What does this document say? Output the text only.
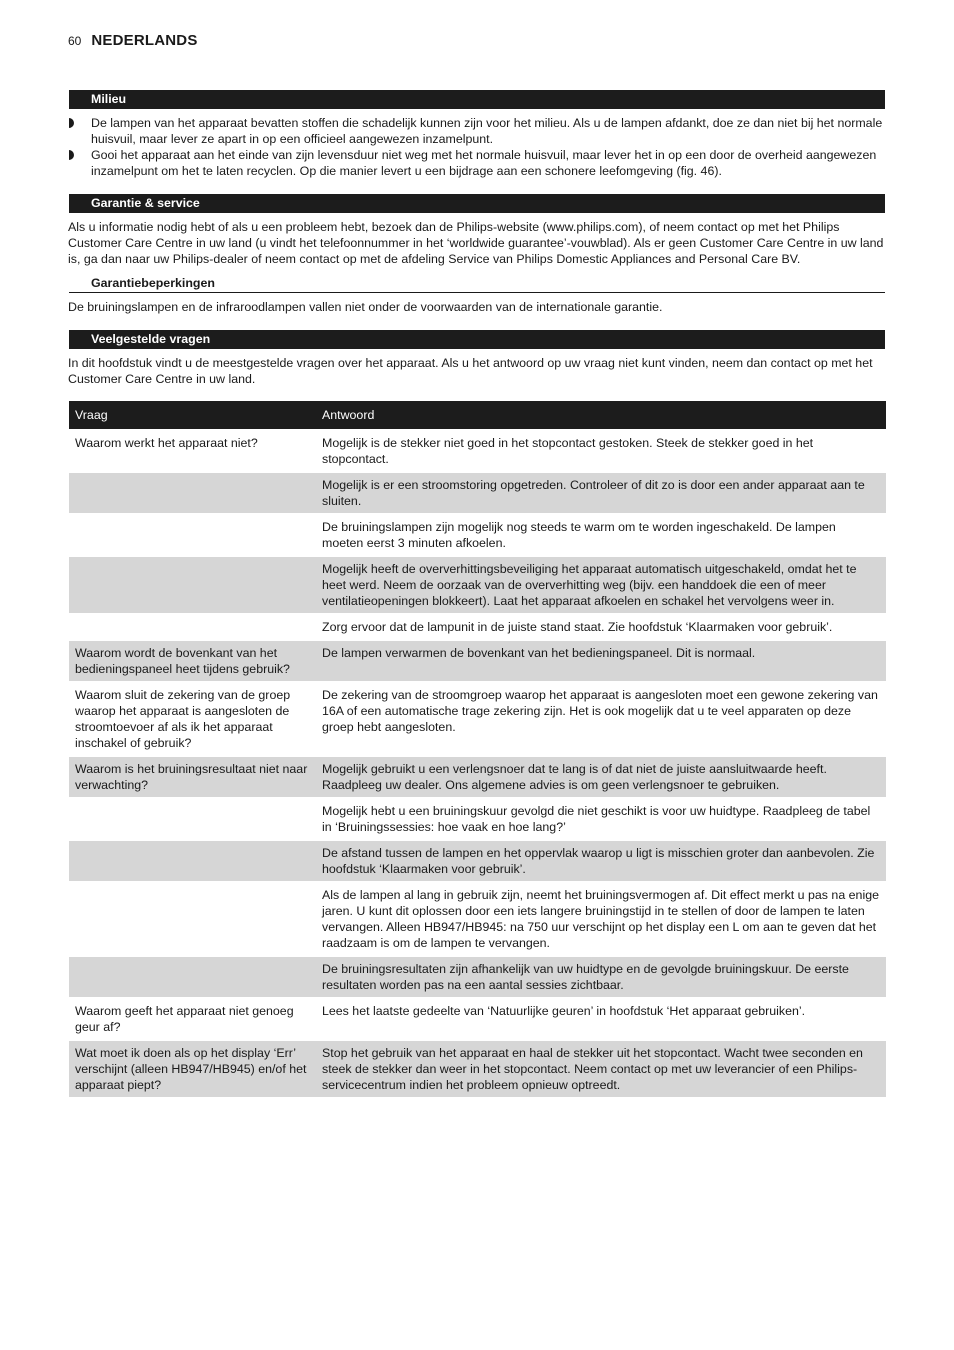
60 NEDERLANDS
Milieu
De lampen van het apparaat bevatten stoffen die schadelijk kunnen zijn voor het milieu. Als u de lampen afdankt, doe ze dan niet bij het normale huisvuil, maar lever ze apart in op een officieel aangewezen inzamelpunt.
Gooi het apparaat aan het einde van zijn levensduur niet weg met het normale huisvuil, maar lever het in op een door de overheid aangewezen inzamelpunt om het te laten recyclen. Op die manier levert u een bijdrage aan een schonere leefomgeving (fig. 46).
Garantie & service
Als u informatie nodig hebt of als u een probleem hebt, bezoek dan de Philips-website (www.philips.com), of neem contact op met het Philips Customer Care Centre in uw land (u vindt het telefoonnummer in het ‘worldwide guarantee’-vouwblad). Als er geen Customer Care Centre in uw land is, ga dan naar uw Philips-dealer of neem contact op met de afdeling Service van Philips Domestic Appliances and Personal Care BV.
Garantiebeperkingen
De bruiningslampen en de infraroodlampen vallen niet onder de voorwaarden van de internationale garantie.
Veelgestelde vragen
In dit hoofdstuk vindt u de meestgestelde vragen over het apparaat. Als u het antwoord op uw vraag niet kunt vinden, neem dan contact op met het Customer Care Centre in uw land.
Vraag	Antwoord
Waarom werkt het apparaat niet?	Mogelijk is de stekker niet goed in het stopcontact gestoken. Steek de stekker goed in het stopcontact.
	Mogelijk is er een stroomstoring opgetreden. Controleer of dit zo is door een ander apparaat aan te sluiten.
	De bruiningslampen zijn mogelijk nog steeds te warm om te worden ingeschakeld. De lampen moeten eerst 3 minuten afkoelen.
	Mogelijk heeft de oververhittingsbeveiliging het apparaat automatisch uitgeschakeld, omdat het te heet werd. Neem de oorzaak van de oververhitting weg (bijv. een handdoek die een of meer ventilatieopeningen blokkeert). Laat het apparaat afkoelen en schakel het vervolgens weer in.
	Zorg ervoor dat de lampunit in de juiste stand staat. Zie hoofdstuk ‘Klaarmaken voor gebruik’.
Waarom wordt de bovenkant van het bedieningspaneel heet tijdens gebruik?	De lampen verwarmen de bovenkant van het bedieningspaneel. Dit is normaal.
Waarom sluit de zekering van de groep waarop het apparaat is aangesloten de stroomtoevoer af als ik het apparaat inschakel of gebruik?	De zekering van de stroomgroep waarop het apparaat is aangesloten moet een gewone zekering van 16A of een automatische trage zekering zijn. Het is ook mogelijk dat u te veel apparaten op deze groep hebt aangesloten.
Waarom is het bruiningsresultaat niet naar verwachting?	Mogelijk gebruikt u een verlengsnoer dat te lang is of dat niet de juiste aansluitwaarde heeft. Raadpleeg uw dealer. Ons algemene advies is om geen verlengsnoer te gebruiken.
	Mogelijk hebt u een bruiningskuur gevolgd die niet geschikt is voor uw huidtype. Raadpleeg de tabel in ‘Bruiningssessies: hoe vaak en hoe lang?’
	De afstand tussen de lampen en het oppervlak waarop u ligt is misschien groter dan aanbevolen. Zie hoofdstuk ‘Klaarmaken voor gebruik’.
	Als de lampen al lang in gebruik zijn, neemt het bruiningsvermogen af. Dit effect merkt u pas na enige jaren. U kunt dit oplossen door een iets langere bruiningstijd in te stellen of door de lampen te laten vervangen. Alleen HB947/HB945: na 750 uur verschijnt op het display een L om aan te geven dat het raadzaam is om de lampen te vervangen.
	De bruiningsresultaten zijn afhankelijk van uw huidtype en de gevolgde bruiningskuur. De eerste resultaten worden pas na een aantal sessies zichtbaar.
Waarom geeft het apparaat niet genoeg geur af?	Lees het laatste gedeelte van ‘Natuurlijke geuren’ in hoofdstuk ‘Het apparaat gebruiken’.
Wat moet ik doen als op het display ‘Err’ verschijnt (alleen HB947/HB945) en/of het apparaat piept?	Stop het gebruik van het apparaat en haal de stekker uit het stopcontact. Wacht twee seconden en steek de stekker dan weer in het stopcontact. Neem contact op met uw leverancier of een Philips-servicecentrum indien het probleem opnieuw optreedt.
